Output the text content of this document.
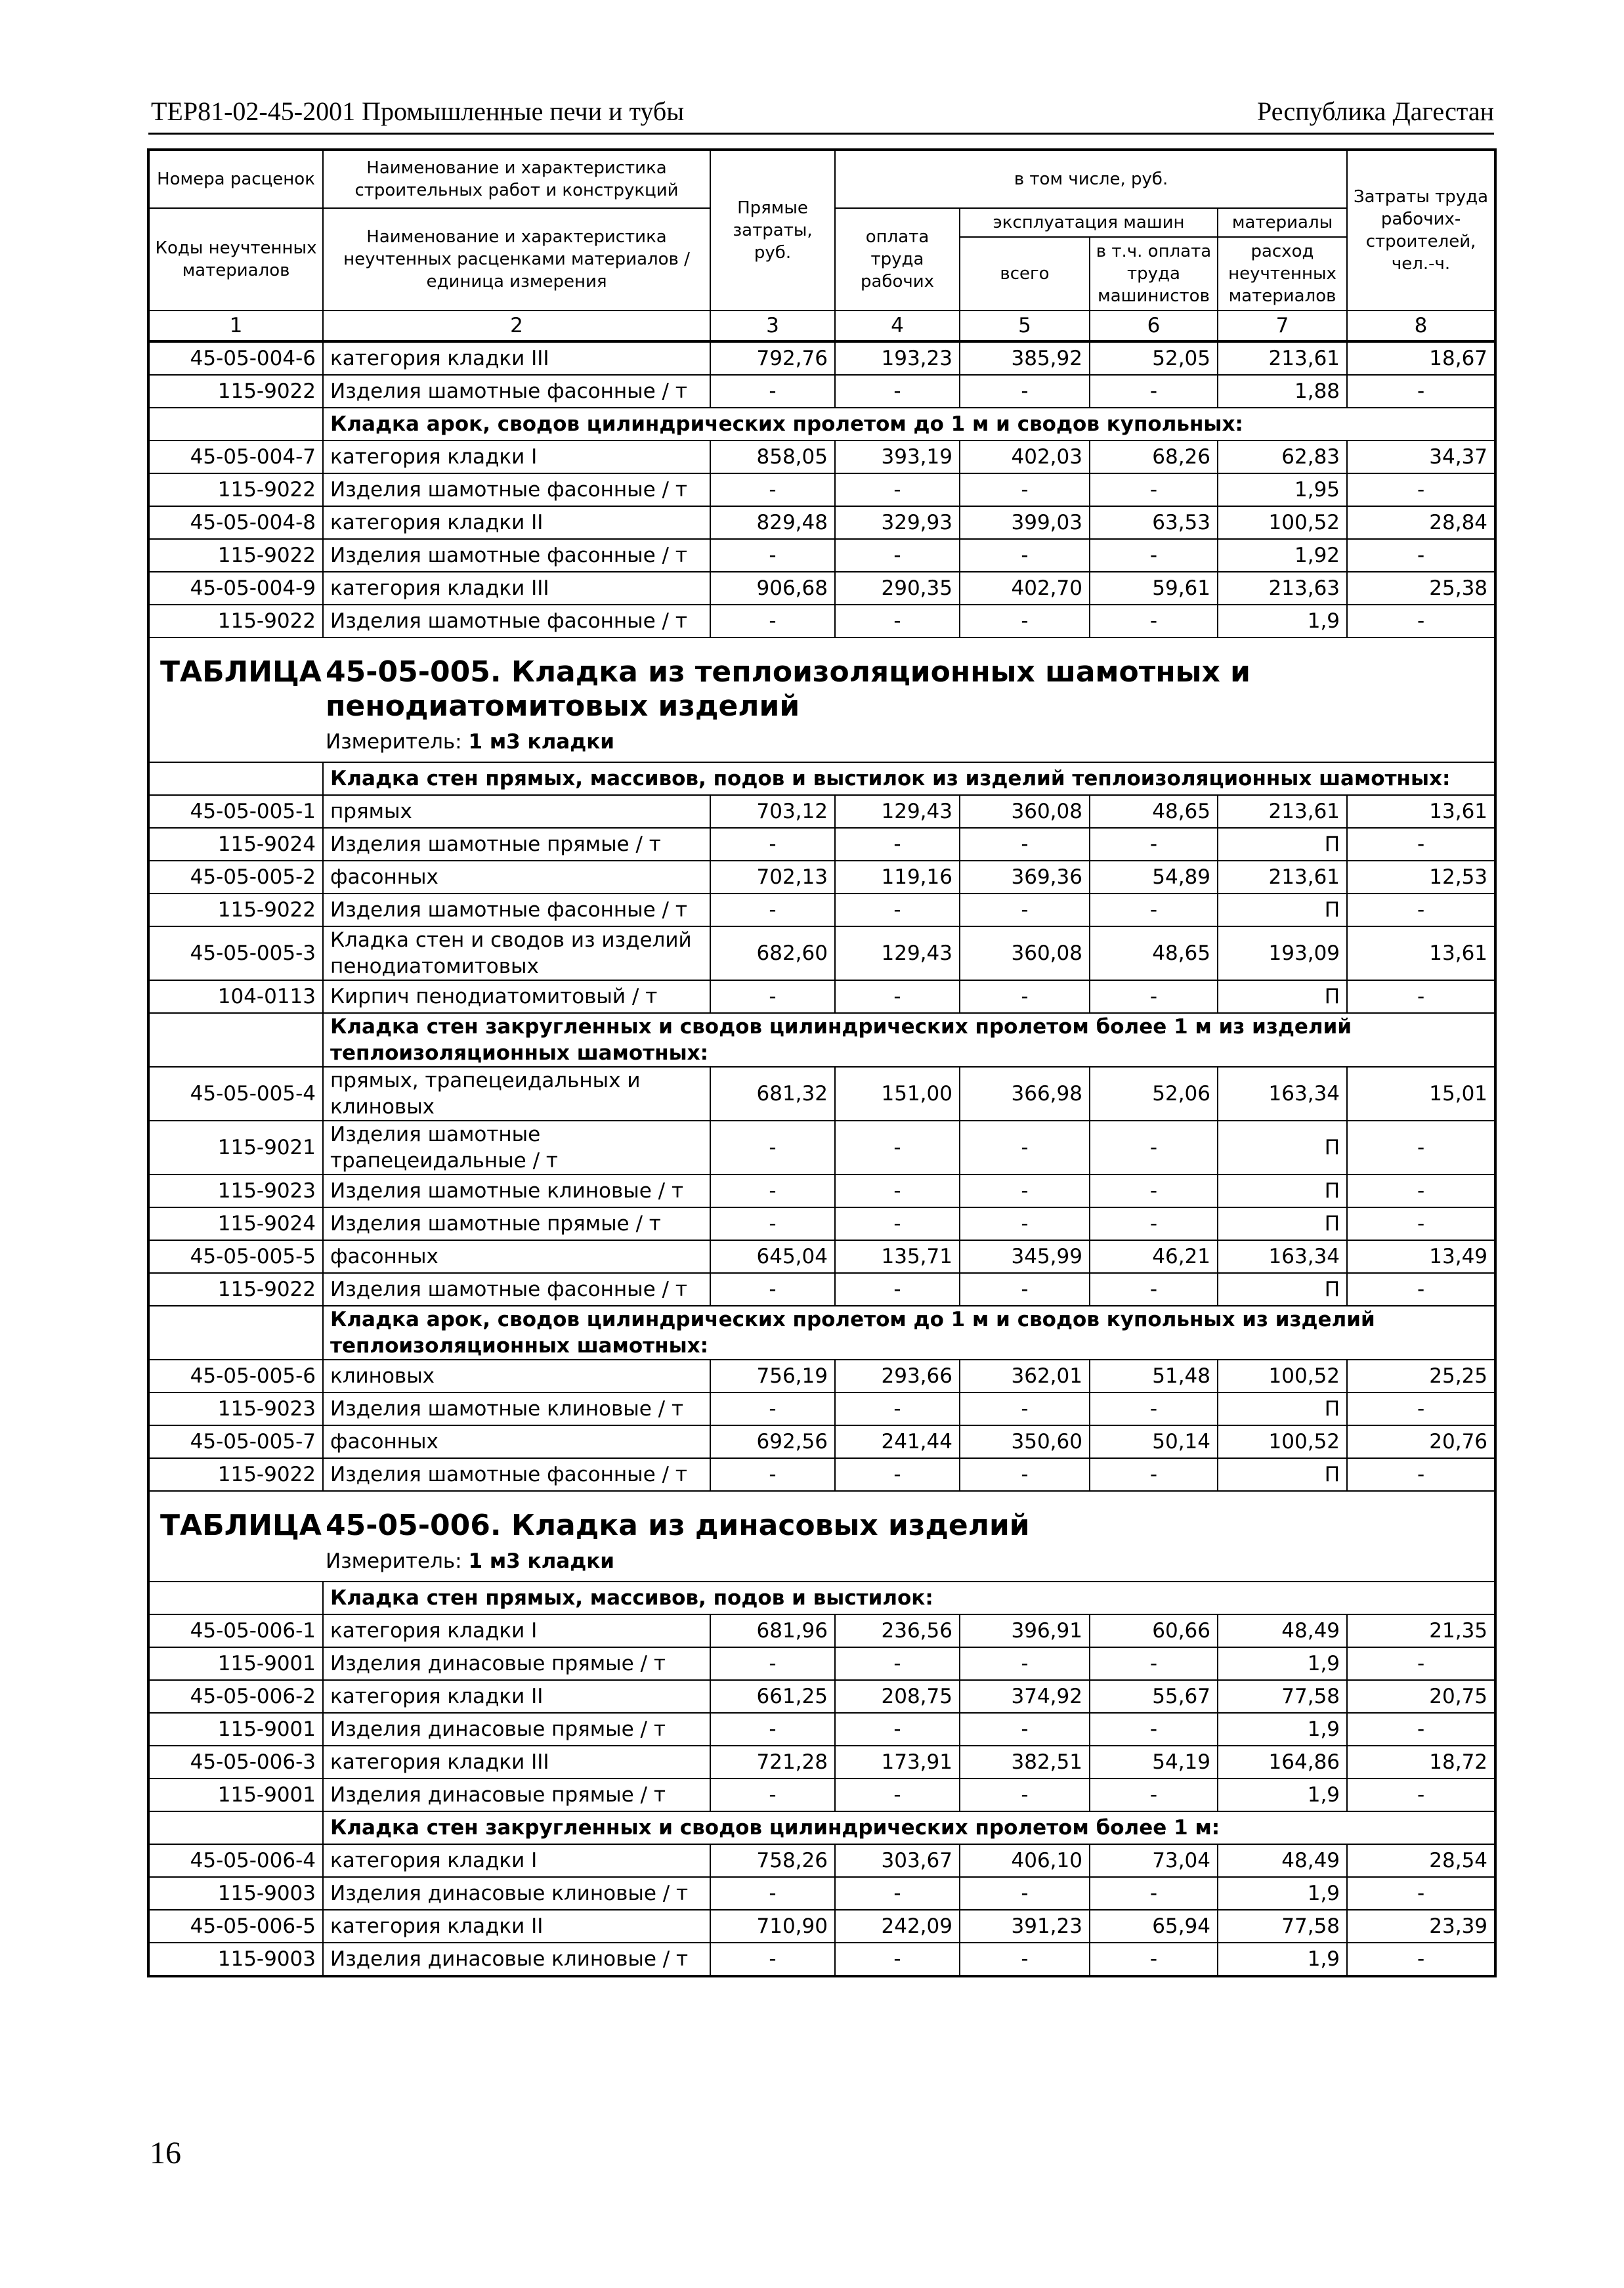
ТЕР81-02-45-2001 Промышленные печи и тубы	Республика Дагестан
Номера расценок	Наименование и характеристика строительных работ и конструкций	Прямые затраты, руб.	в том числе, руб.				Затраты труда рабочих-строителей, чел.-ч.
Коды неучтенных материалов	Наименование и характеристика неучтенных расценками материалов / единица измерения		оплата труда рабочих	эксплуатация машин		материалы	
				всего	в т.ч. оплата труда машинистов	расход неучтенных материалов	
1	2	3	4	5	6	7	8
45-05-004-6	категория кладки III	792,76	193,23	385,92	52,05	213,61	18,67
115-9022	Изделия шамотные фасонные / т	-	-	-	-	1,88	-
	Кладка арок, сводов цилиндрических пролетом до 1 м и сводов купольных:						
45-05-004-7	категория кладки I	858,05	393,19	402,03	68,26	62,83	34,37
115-9022	Изделия шамотные фасонные / т	-	-	-	-	1,95	-
45-05-004-8	категория кладки II	829,48	329,93	399,03	63,53	100,52	28,84
115-9022	Изделия шамотные фасонные / т	-	-	-	-	1,92	-
45-05-004-9	категория кладки III	906,68	290,35	402,70	59,61	213,63	25,38
115-9022	Изделия шамотные фасонные / т	-	-	-	-	1,9	-

ТАБЛИЦА 45-05-005. Кладка из теплоизоляционных шамотных и пенодиатомитовых изделий
Измеритель: 1 м3 кладки							

	Кладка стен прямых, массивов, подов и выстилок из изделий теплоизоляционных шамотных:						
45-05-005-1	прямых	703,12	129,43	360,08	48,65	213,61	13,61
115-9024	Изделия шамотные прямые / т	-	-	-	-	П	-
45-05-005-2	фасонных	702,13	119,16	369,36	54,89	213,61	12,53
115-9022	Изделия шамотные фасонные / т	-	-	-	-	П	-
45-05-005-3	Кладка стен и сводов из изделий пенодиатомитовых	682,60	129,43	360,08	48,65	193,09	13,61
104-0113	Кирпич пенодиатомитовый / т	-	-	-	-	П	-
	Кладка стен закругленных и сводов цилиндрических пролетом более 1 м из изделий теплоизоляционных шамотных:						
45-05-005-4	прямых, трапецеидальных и клиновых	681,32	151,00	366,98	52,06	163,34	15,01
115-9021	Изделия шамотные трапецеидальные / т	-	-	-	-	П	-
115-9023	Изделия шамотные клиновые / т	-	-	-	-	П	-
115-9024	Изделия шамотные прямые / т	-	-	-	-	П	-
45-05-005-5	фасонных	645,04	135,71	345,99	46,21	163,34	13,49
115-9022	Изделия шамотные фасонные / т	-	-	-	-	П	-
	Кладка арок, сводов цилиндрических пролетом до 1 м и сводов купольных из изделий теплоизоляционных шамотных:						
45-05-005-6	клиновых	756,19	293,66	362,01	51,48	100,52	25,25
115-9023	Изделия шамотные клиновые / т	-	-	-	-	П	-
45-05-005-7	фасонных	692,56	241,44	350,60	50,14	100,52	20,76
115-9022	Изделия шамотные фасонные / т	-	-	-	-	П	-

ТАБЛИЦА 45-05-006. Кладка из динасовых изделий
Измеритель: 1 м3 кладки							

	Кладка стен прямых, массивов, подов и выстилок:						
45-05-006-1	категория кладки I	681,96	236,56	396,91	60,66	48,49	21,35
115-9001	Изделия динасовые прямые / т	-	-	-	-	1,9	-
45-05-006-2	категория кладки II	661,25	208,75	374,92	55,67	77,58	20,75
115-9001	Изделия динасовые прямые / т	-	-	-	-	1,9	-
45-05-006-3	категория кладки III	721,28	173,91	382,51	54,19	164,86	18,72
115-9001	Изделия динасовые прямые / т	-	-	-	-	1,9	-
	Кладка стен закругленных и сводов цилиндрических пролетом более 1 м:						
45-05-006-4	категория кладки I	758,26	303,67	406,10	73,04	48,49	28,54
115-9003	Изделия динасовые клиновые / т	-	-	-	-	1,9	-
45-05-006-5	категория кладки II	710,90	242,09	391,23	65,94	77,58	23,39
115-9003	Изделия динасовые клиновые / т	-	-	-	-	1,9	-
16
